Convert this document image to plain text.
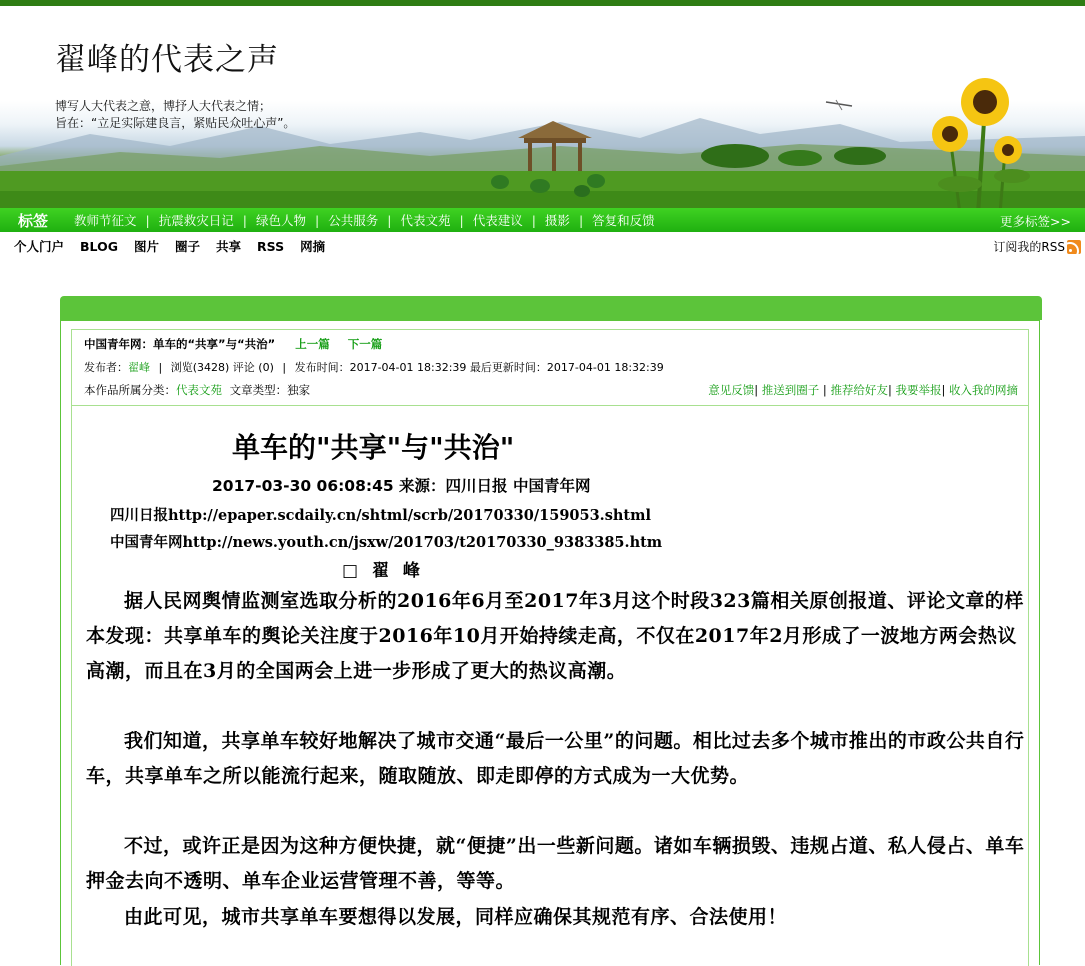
翟峰的代表之声
博写人大代表之意，博抒人大代表之情；
旨在：“立足实际建良言，紧贴民众吐心声”。
标签 教师节征文 | 抗震救灾日记 | 绿色人物 | 公共服务 | 代表文苑 | 代表建议 | 摄影 | 答复和反馈	更多标签>>
个人门户 BLOG 图片 圈子 共享 RSS 网摘	订阅我的RSS
中国青年网：单车的“共享”与“共治” 上一篇 下一篇
发布者：翟峰 | 浏览(3428) 评论 (0) | 发布时间：2017-04-01 18:32:39 最后更新时间：2017-04-01 18:32:39
本作品所属分类：代表文苑 文章类型：独家	意见反馈| 推送到圈子 | 推荐给好友| 我要举报| 收入我的网摘
单车的"共享"与"共治"
2017-03-30 06:08:45 来源：四川日报 中国青年网
四川日报http://epaper.scdaily.cn/shtml/scrb/20170330/159053.shtml
中国青年网http://news.youth.cn/jsxw/201703/t20170330_9383385.htm
□ 翟 峰

据人民网舆情监测室选取分析的2016年6月至2017年3月这个时段323篇相关原创报道、评论文章的样本发现：共享单车的舆论关注度于2016年10月开始持续走高，不仅在2017年2月形成了一波地方两会热议高潮，而且在3月的全国两会上进一步形成了更大的热议高潮。

我们知道，共享单车较好地解决了城市交通“最后一公里”的问题。相比过去多个城市推出的市政公共自行车，共享单车之所以能流行起来，随取随放、即走即停的方式成为一大优势。

不过，或许正是因为这种方便快捷，就“便捷”出一些新问题。诸如车辆损毁、违规占道、私人侵占、单车押金去向不透明、单车企业运营管理不善，等等。

由此可见，城市共享单车要想得以发展，同样应确保其规范有序、合法使用！
